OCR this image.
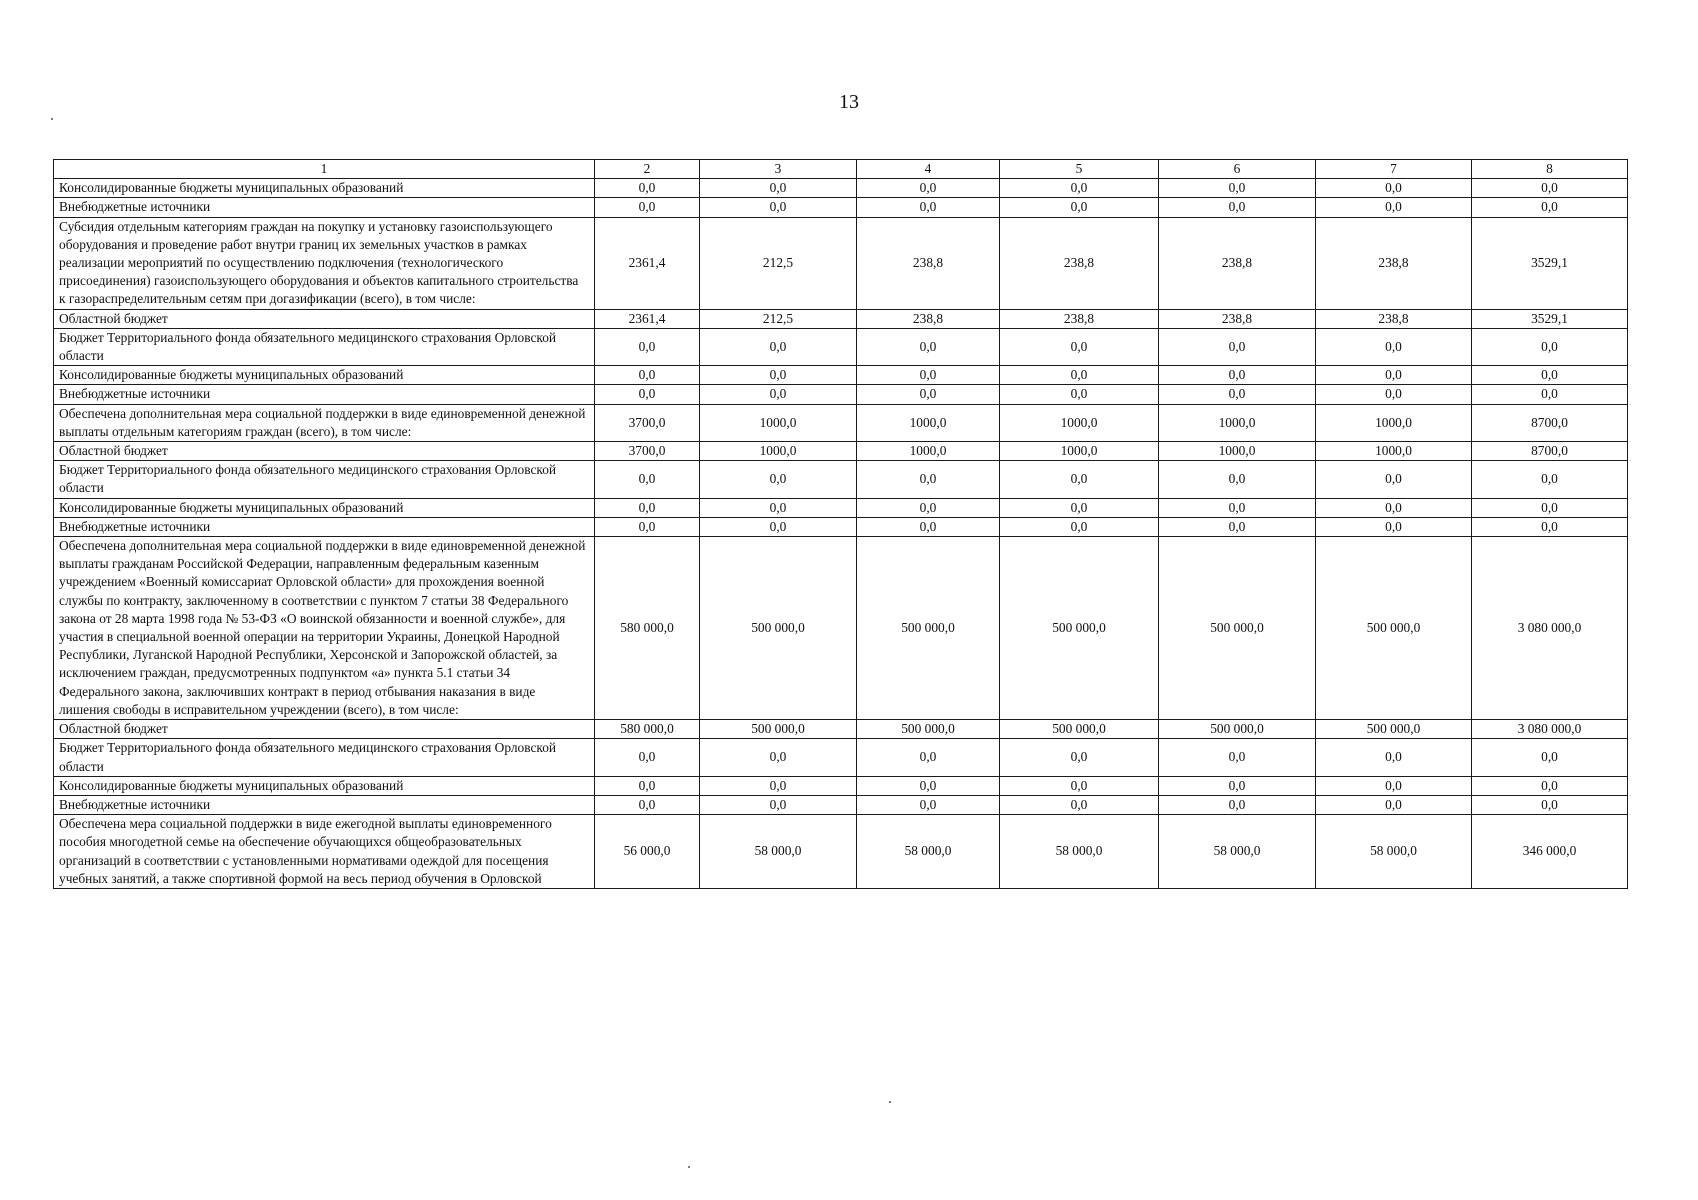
13
1	2	3	4	5	6	7	8
Консолидированные бюджеты муниципальных образований	0,0	0,0	0,0	0,0	0,0	0,0	0,0
Внебюджетные источники	0,0	0,0	0,0	0,0	0,0	0,0	0,0
Субсидия отдельным категориям граждан на покупку и установку газоиспользующего оборудования и проведение работ внутри границ их земельных участков в рамках реализации мероприятий по осуществлению подключения (технологического присоединения) газоиспользующего оборудования и объектов капитального строительства к газораспределительным сетям при догазификации (всего), в том числе:	2361,4	212,5	238,8	238,8	238,8	238,8	3529,1
Областной бюджет	2361,4	212,5	238,8	238,8	238,8	238,8	3529,1
Бюджет Территориального фонда обязательного медицинского страхования Орловской области	0,0	0,0	0,0	0,0	0,0	0,0	0,0
Консолидированные бюджеты муниципальных образований	0,0	0,0	0,0	0,0	0,0	0,0	0,0
Внебюджетные источники	0,0	0,0	0,0	0,0	0,0	0,0	0,0
Обеспечена дополнительная мера социальной поддержки в виде единовременной денежной выплаты отдельным категориям граждан (всего), в том числе:	3700,0	1000,0	1000,0	1000,0	1000,0	1000,0	8700,0
Областной бюджет	3700,0	1000,0	1000,0	1000,0	1000,0	1000,0	8700,0
Бюджет Территориального фонда обязательного медицинского страхования Орловской области	0,0	0,0	0,0	0,0	0,0	0,0	0,0
Консолидированные бюджеты муниципальных образований	0,0	0,0	0,0	0,0	0,0	0,0	0,0
Внебюджетные источники	0,0	0,0	0,0	0,0	0,0	0,0	0,0
Обеспечена дополнительная мера социальной поддержки в виде единовременной денежной выплаты гражданам Российской Федерации, направленным федеральным казенным учреждением «Военный комиссариат Орловской области» для прохождения военной службы по контракту, заключенному в соответствии с пунктом 7 статьи 38 Федерального закона от 28 марта 1998 года № 53-ФЗ «О воинской обязанности и военной службе», для участия в специальной военной операции на территории Украины, Донецкой Народной Республики, Луганской Народной Республики, Херсонской и Запорожской областей, за исключением граждан, предусмотренных подпунктом «а» пункта 5.1 статьи 34 Федерального закона, заключивших контракт в период отбывания наказания в виде лишения свободы в исправительном учреждении (всего), в том числе:	580 000,0	500 000,0	500 000,0	500 000,0	500 000,0	500 000,0	3 080 000,0
Областной бюджет	580 000,0	500 000,0	500 000,0	500 000,0	500 000,0	500 000,0	3 080 000,0
Бюджет Территориального фонда обязательного медицинского страхования Орловской области	0,0	0,0	0,0	0,0	0,0	0,0	0,0
Консолидированные бюджеты муниципальных образований	0,0	0,0	0,0	0,0	0,0	0,0	0,0
Внебюджетные источники	0,0	0,0	0,0	0,0	0,0	0,0	0,0
Обеспечена мера социальной поддержки в виде ежегодной выплаты единовременного пособия многодетной семье на обеспечение обучающихся общеобразовательных организаций в соответствии с установленными нормативами одеждой для посещения учебных занятий, а также спортивной формой на весь период обучения в Орловской	56 000,0	58 000,0	58 000,0	58 000,0	58 000,0	58 000,0	346 000,0
